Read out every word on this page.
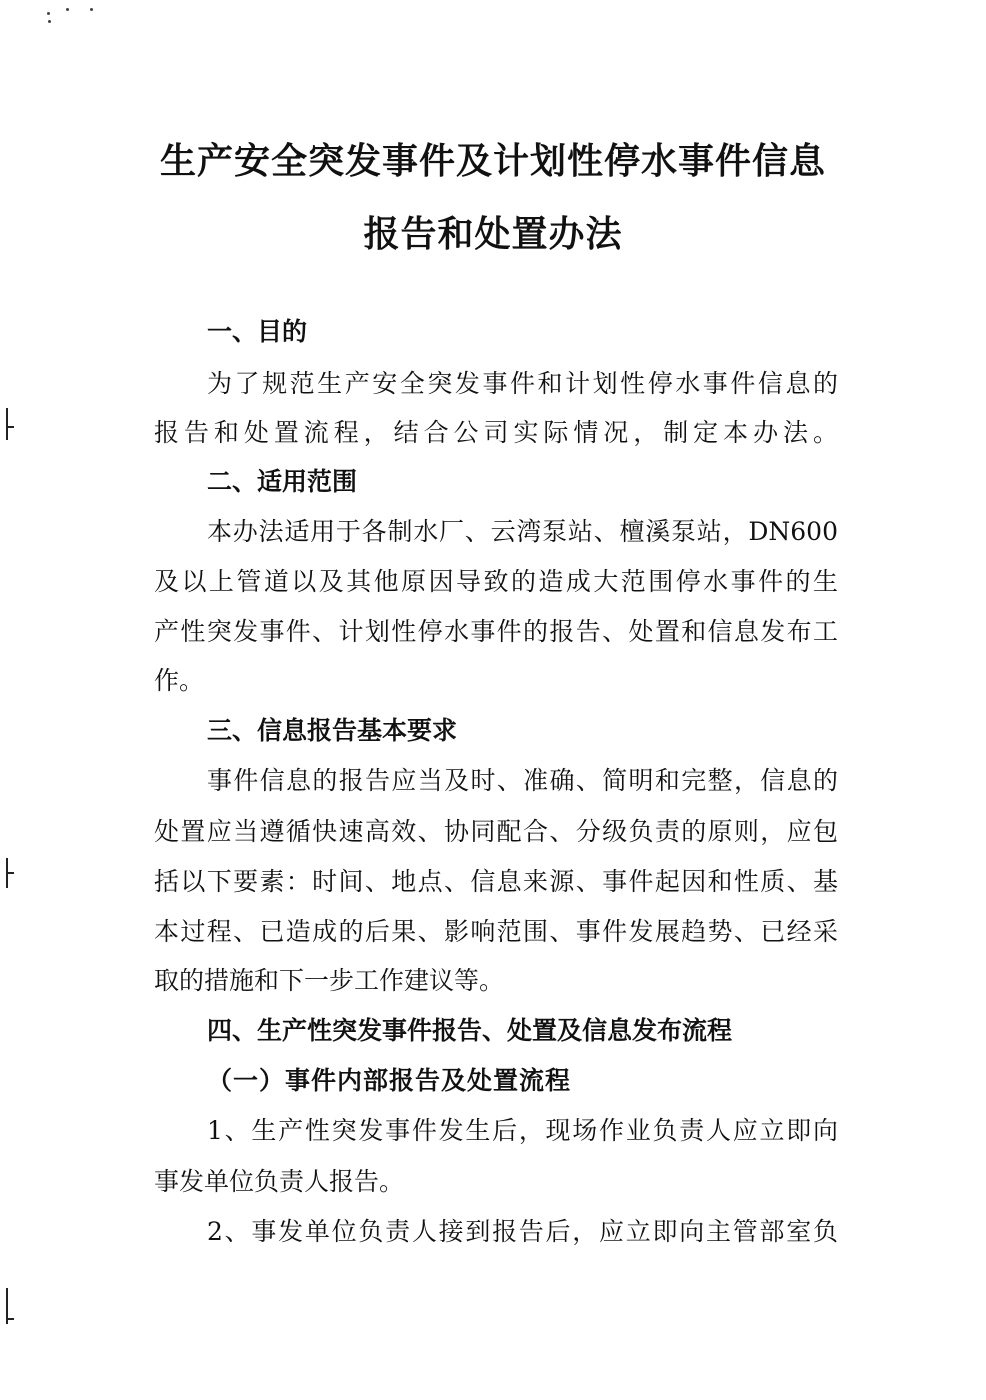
生产安全突发事件及计划性停水事件信息
报告和处置办法
一、目的
为了规范生产安全突发事件和计划性停水事件信息的
报告和处置流程，结合公司实际情况，制定本办法。
二、适用范围
本办法适用于各制水厂、云湾泵站、檀溪泵站，DN600
及以上管道以及其他原因导致的造成大范围停水事件的生
产性突发事件、计划性停水事件的报告、处置和信息发布工
作。
三、信息报告基本要求
事件信息的报告应当及时、准确、简明和完整，信息的
处置应当遵循快速高效、协同配合、分级负责的原则，应包
括以下要素：时间、地点、信息来源、事件起因和性质、基
本过程、已造成的后果、影响范围、事件发展趋势、已经采
取的措施和下一步工作建议等。
四、生产性突发事件报告、处置及信息发布流程
（一）事件内部报告及处置流程
1、生产性突发事件发生后，现场作业负责人应立即向
事发单位负责人报告。
2、事发单位负责人接到报告后，应立即向主管部室负
